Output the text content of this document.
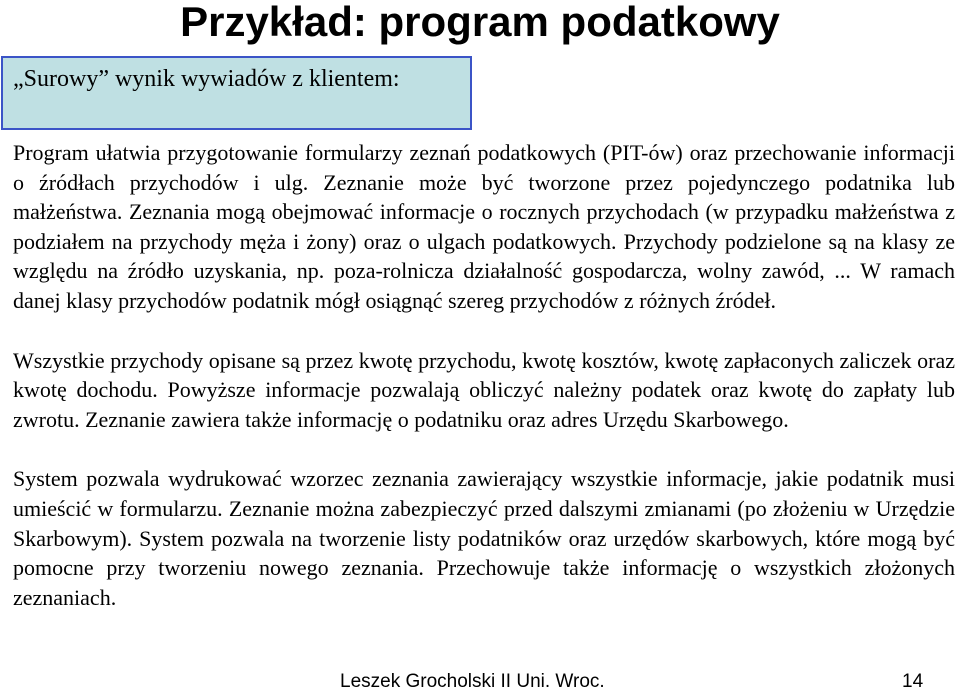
Przykład: program podatkowy
„Surowy” wynik wywiadów z klientem:

Program ułatwia przygotowanie formularzy zeznań podatkowych (PIT-ów) oraz przechowanie informacji o źródłach przychodów i ulg. Zeznanie może być tworzone przez pojedynczego podatnika lub małżeństwa. Zeznania mogą obejmować informacje o rocznych przychodach (w przypadku małżeństwa z podziałem na przychody męża i żony) oraz o ulgach podatkowych. Przychody podzielone są na klasy ze względu na źródło uzyskania, np. poza-rolnicza działalność gospodarcza, wolny zawód, ... W ramach danej klasy przychodów podatnik mógł osiągnąć szereg przychodów z różnych źródeł.

Wszystkie przychody opisane są przez kwotę przychodu, kwotę kosztów, kwotę zapłaconych zaliczek oraz kwotę dochodu. Powyższe informacje pozwalają obliczyć należny podatek oraz kwotę do zapłaty lub zwrotu. Zeznanie zawiera także informację o podatniku oraz adres Urzędu Skarbowego.

System pozwala wydrukować wzorzec zeznania zawierający wszystkie informacje, jakie podatnik musi umieścić w formularzu. Zeznanie można zabezpieczyć przed dalszymi zmianami (po złożeniu w Urzędzie Skarbowym). System pozwala na tworzenie listy podatników oraz urzędów skarbowych, które mogą być pomocne przy tworzeniu nowego zeznania. Przechowuje także informację o wszystkich złożonych zeznaniach.

Leszek Grocholski II Uni. Wroc.	14
